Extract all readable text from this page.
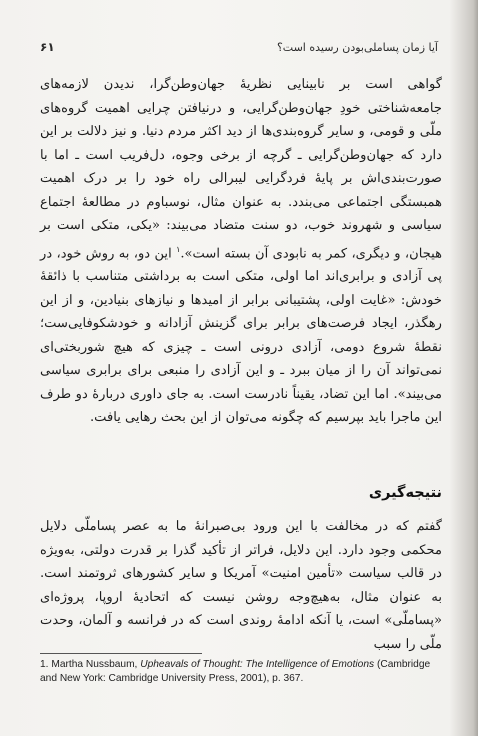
آیا زمان پساملی‌بودن رسیده است؟
۶۱

گواهی است بر نابینایی نظریهٔ جهان‌وطن‌گرا، ندیدن لازمه‌های جامعه‌شناختی خودِ جهان‌وطن‌گرایی، و درنیافتن چرایی اهمیت گروه‌های ملّی و قومی، و سایر گروه‌بندی‌ها از دید اکثر مردم دنیا. و نیز دلالت بر این دارد که جهان‌وطن‌گرایی ـ گرچه از برخی وجوه، دل‌فریب است ـ اما با صورت‌بندی‌اش بر پایهٔ فردگرایی لیبرالی راه خود را بر درک اهمیت همبستگی اجتماعی می‌بندد. به عنوان مثال، نوسباوم در مطالعهٔ اجتماع سیاسی و شهروند خوب، دو سنت متضاد می‌بیند: «یکی، متکی است بر هیجان، و دیگری، کمر به نابودی آن بسته است».$^۱$ این دو، به روش خود، در پی آزادی و برابری‌اند اما اولی، متکی است به برداشتی متناسب با ذائقهٔ خودش: «غایت اولی، پشتیبانی برابر از امیدها و نیازهای بنیادین، و از این رهگذر، ایجاد فرصت‌های برابر برای گزینش آزادانه و خودشکوفایی‌ست؛ نقطهٔ شروع دومی، آزادی درونی است ـ چیزی که هیچ شوربختی‌ای نمی‌تواند آن را از میان ببرد ـ و این آزادی را منبعی برای برابری سیاسی می‌بیند». اما این تضاد، یقیناً نادرست است. به جای داوری دربارهٔ دو طرف این ماجرا باید بپرسیم که چگونه می‌توان از این بحث رهایی یافت.

نتیجه‌گیری
گفتم که در مخالفت با این ورود بی‌صبرانهٔ ما به عصر پساملّی دلایل محکمی وجود دارد. این دلایل، فراتر از تأکید گذرا بر قدرت دولتی، به‌ویژه در قالب سیاست «تأمین امنیت» آمریکا و سایر کشورهای ثروتمند است. به عنوان مثال، به‌هیچ‌وجه روشن نیست که اتحادیهٔ اروپا، پروژه‌ای «پساملّی» است، یا آنکه ادامهٔ روندی است که در فرانسه و آلمان، وحدت ملّی را سبب
1. Martha Nussbaum, Upheavals of Thought: The Intelligence of Emotions (Cambridge and New York: Cambridge University Press, 2001), p. 367.
